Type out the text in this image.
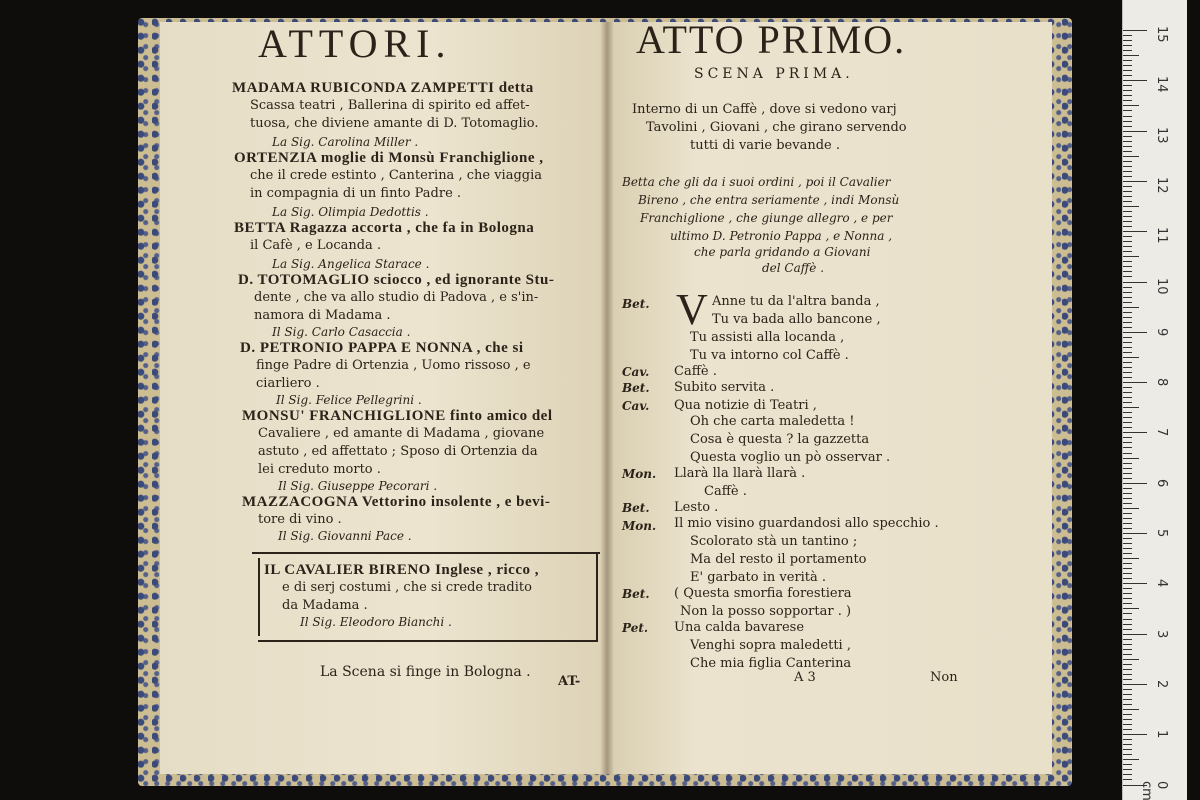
ATTORI.
MADAMA RUBICONDA ZAMPETTI detta
Scassa teatri , Ballerina di spirito ed affet-
tuosa, che diviene amante di D. Totomaglio.
La Sig. Carolina Miller .
ORTENZIA moglie di Monsù Franchiglione ,
che il crede estinto , Canterina , che viaggia
in compagnia di un finto Padre .
La Sig. Olimpia Dedottis .
BETTA Ragazza accorta , che fa in Bologna
il Cafè , e Locanda .
La Sig. Angelica Starace .
D. TOTOMAGLIO sciocco , ed ignorante Stu-
dente , che va allo studio di Padova , e s'in-
namora di Madama .
Il Sig. Carlo Casaccia .
D. PETRONIO PAPPA E NONNA , che si
finge Padre di Ortenzia , Uomo rissoso , e
ciarliero .
Il Sig. Felice Pellegrini .
MONSU' FRANCHIGLIONE finto amico del
Cavaliere , ed amante di Madama , giovane
astuto , ed affettato ; Sposo di Ortenzia da
lei creduto morto .
Il Sig. Giuseppe Pecorari .
MAZZACOGNA Vettorino insolente , e bevi-
tore di vino .
Il Sig. Giovanni Pace .
IL CAVALIER BIRENO Inglese , ricco ,
e di serj costumi , che si crede tradito
da Madama .
Il Sig. Eleodoro Bianchi .
La Scena si finge in Bologna .
AT-
ATTO PRIMO.
SCENA PRIMA.
Interno di un Caffè , dove si vedono varj
Tavolini , Giovani , che girano servendo
tutti di varie bevande .
Betta che gli da i suoi ordini , poi il Cavalier
Bireno , che entra seriamente , indi Monsù
Franchiglione , che giunge allegro , e per
ultimo D. Petronio Pappa , e Nonna ,
che parla gridando a Giovani
del Caffè .
V
Bet.	Anne tu da l'altra banda ,
Tu va bada allo bancone ,
Tu assisti alla locanda ,
Tu va intorno col Caffè .
Cav. Caffè .
Bet. Subito servita .
Cav. Qua notizie di Teatri ,
Oh che carta maledetta !
Cosa è questa ? la gazzetta
Questa voglio un pò osservar .
Mon. Llarà lla llarà llarà .
Caffè .
Bet. Lesto .
Mon. Il mio visino guardandosi allo specchio .
Scolorato stà un tantino ;
Ma del resto il portamento
E' garbato in verità .
Bet. ( Questa smorfia forestiera
Non la posso sopportar . )
Pet. Una calda bavarese
Venghi sopra maledetti ,
Che mia figlia Canterina
A 3	Non
15
14
13
12
11
10
9
8
7
6
5
4
3
2
1
0 cm
